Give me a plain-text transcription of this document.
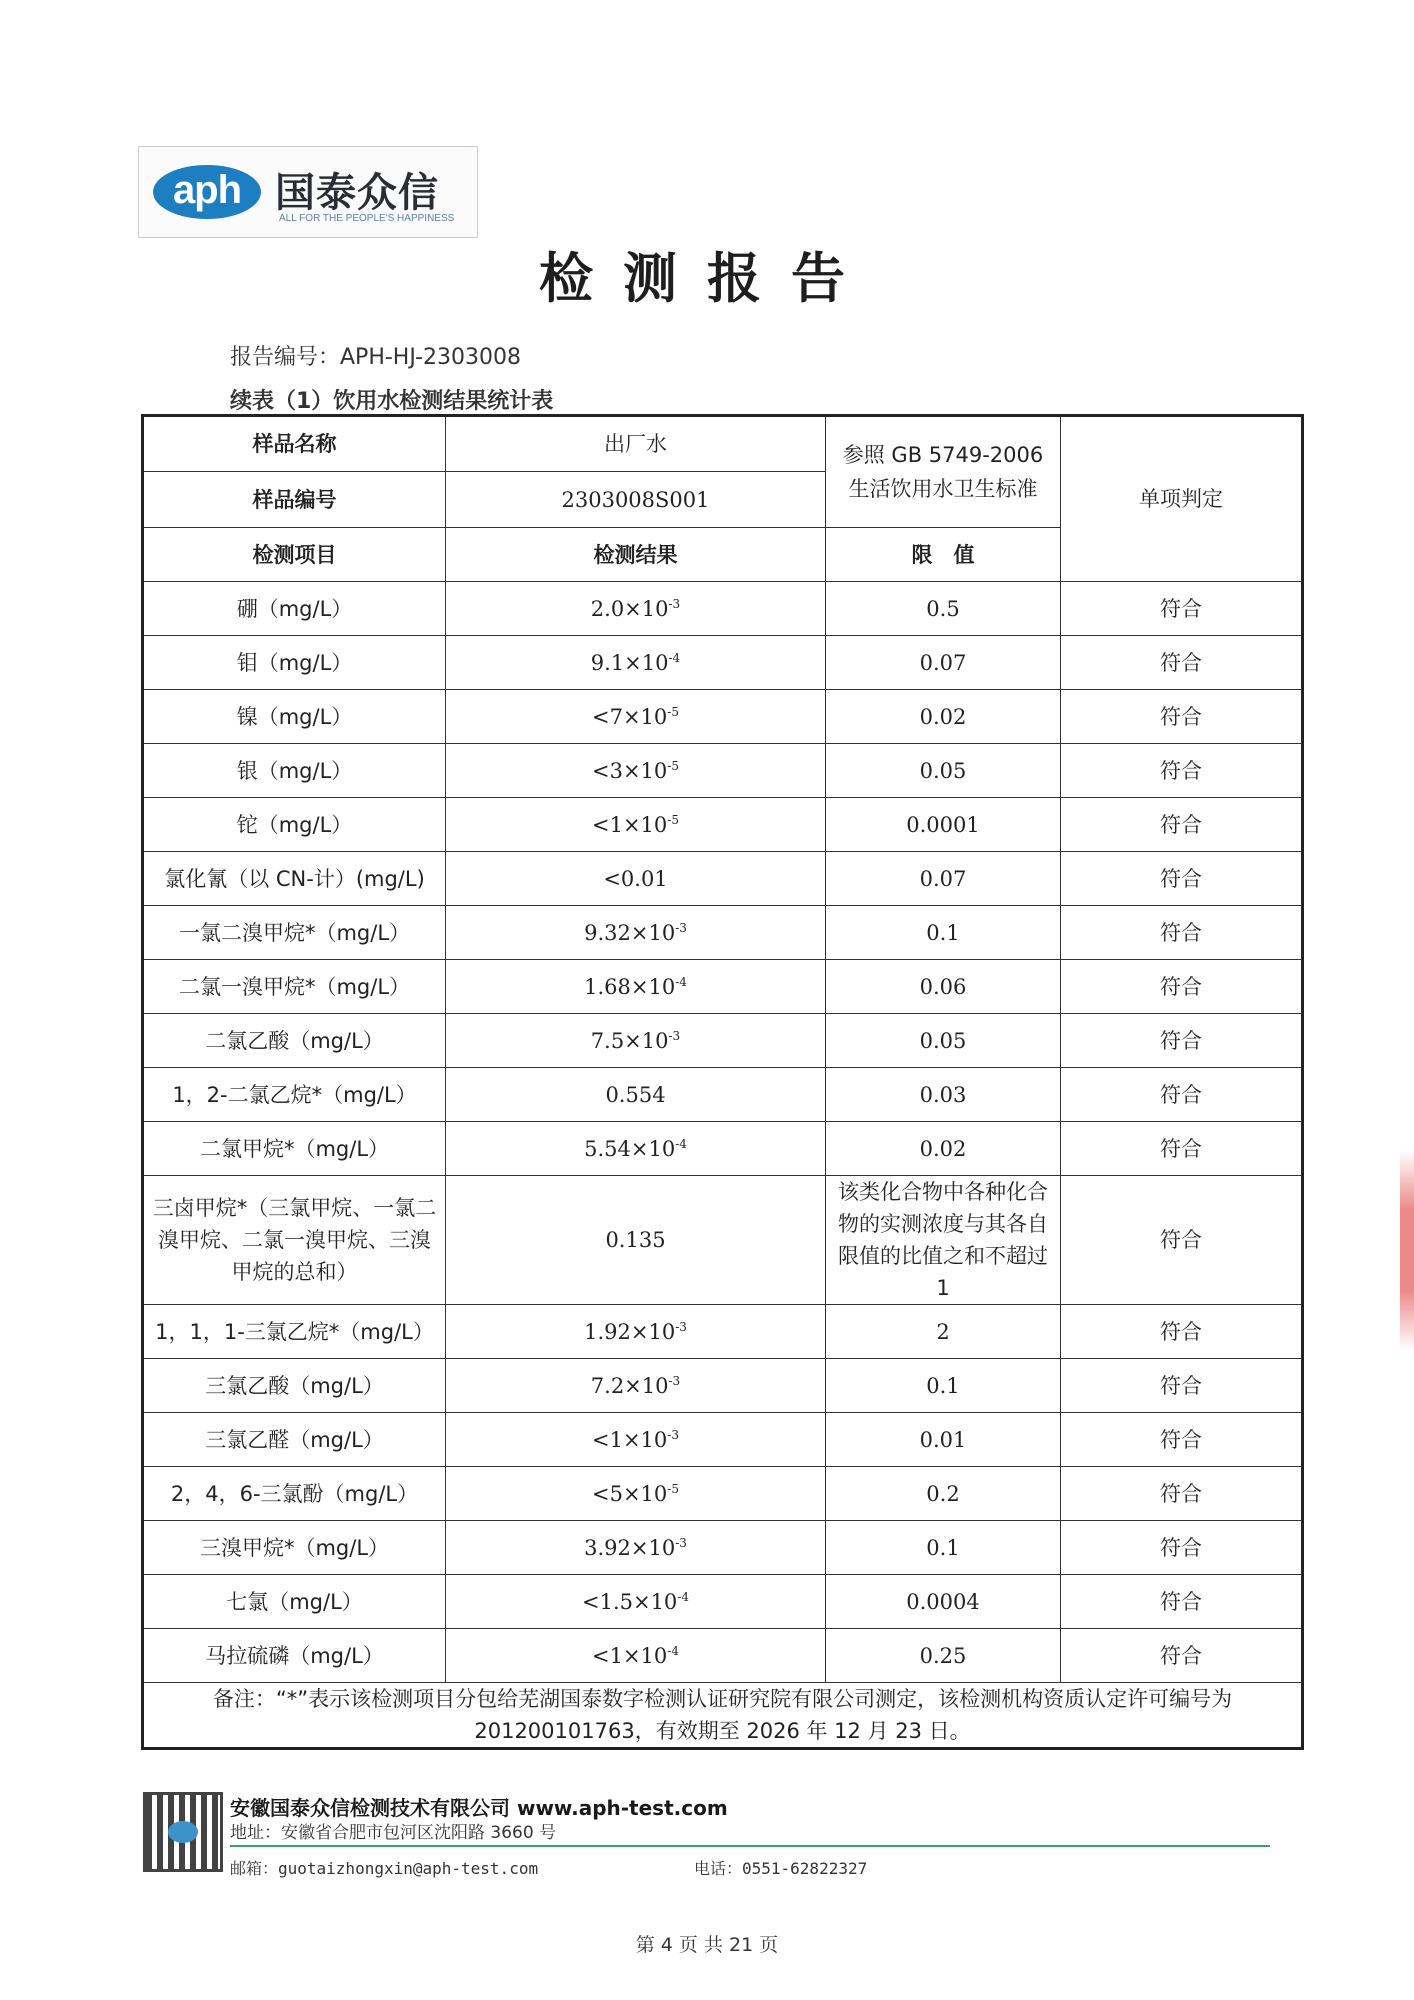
aph 国泰众信
ALL FOR THE PEOPLE'S HAPPINESS
检测报告
报告编号：APH-HJ-2303008
续表（1）饮用水检测结果统计表
样品名称	出厂水	参照 GB 5749-2006 生活饮用水卫生标准	单项判定
样品编号	2303008S001		
检测项目	检测结果	限　值	
硼（mg/L）	$2.0\times 10^{-3}$	0.5	符合
钼（mg/L）	$9.1\times 10^{-4}$	0.07	符合
镍（mg/L）	$<7\times 10^{-5}$	0.02	符合
银（mg/L）	$<3\times 10^{-5}$	0.05	符合
铊（mg/L）	$<1\times 10^{-5}$	0.0001	符合
氯化氰（以 CN-计）(mg/L)	<0.01	0.07	符合
一氯二溴甲烷*（mg/L）	$9.32\times 10^{-3}$	0.1	符合
二氯一溴甲烷*（mg/L）	$1.68\times 10^{-4}$	0.06	符合
二氯乙酸（mg/L）	$7.5\times 10^{-3}$	0.05	符合
1，2-二氯乙烷*（mg/L）	0.554	0.03	符合
二氯甲烷*（mg/L）	$5.54\times 10^{-4}$	0.02	符合
三卤甲烷*（三氯甲烷、一氯二溴甲烷、二氯一溴甲烷、三溴甲烷的总和）	0.135	该类化合物中各种化合物的实测浓度与其各自限值的比值之和不超过 1	符合
1，1，1-三氯乙烷*（mg/L）	$1.92\times 10^{-3}$	2	符合
三氯乙酸（mg/L）	$7.2\times 10^{-3}$	0.1	符合
三氯乙醛（mg/L）	$<1\times 10^{-3}$	0.01	符合
2，4，6-三氯酚（mg/L）	$<5\times 10^{-5}$	0.2	符合
三溴甲烷*（mg/L）	$3.92\times 10^{-3}$	0.1	符合
七氯（mg/L）	$<1.5\times 10^{-4}$	0.0004	符合
马拉硫磷（mg/L）	$<1\times 10^{-4}$	0.25	符合
备注：“*”表示该检测项目分包给芜湖国泰数字检测认证研究院有限公司测定，该检测机构资质认定许可编号为 201200101763，有效期至 2026 年 12 月 23 日。			
安徽国泰众信检测技术有限公司 www.aph-test.com
地址：安徽省合肥市包河区沈阳路 3660 号
邮箱：guotaizhongxin@aph-test.com	电话：0551-62822327
第 4 页 共 21 页
